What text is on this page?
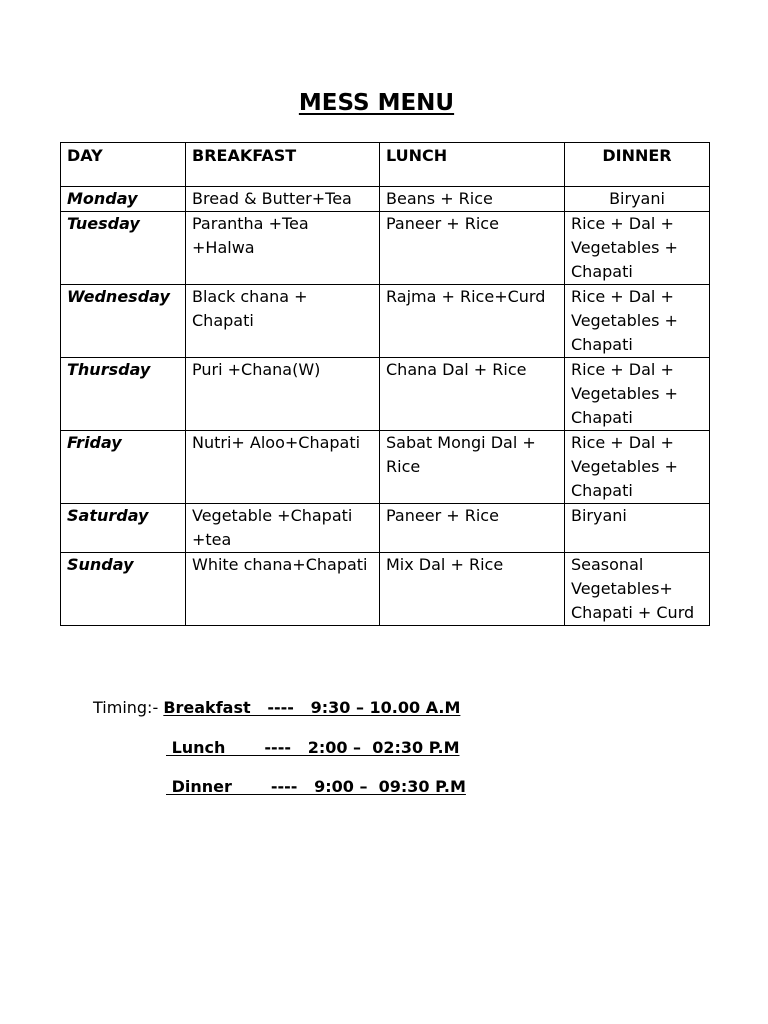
MESS MENU
DAY	BREAKFAST	LUNCH	DINNER
Monday	Bread & Butter+Tea	Beans + Rice	Biryani
Tuesday	Parantha +Tea +Halwa	Paneer + Rice	Rice + Dal + Vegetables + Chapati
Wednesday	Black chana + Chapati	Rajma + Rice+Curd	Rice + Dal + Vegetables + Chapati
Thursday	Puri +Chana(W)	Chana Dal + Rice	Rice + Dal + Vegetables + Chapati
Friday	Nutri+ Aloo+Chapati	Sabat Mongi Dal + Rice	Rice + Dal + Vegetables + Chapati
Saturday	Vegetable +Chapati +tea	Paneer + Rice	Biryani
Sunday	White chana+Chapati	Mix Dal + Rice	Seasonal Vegetables+ Chapati + Curd
Timing:- Breakfast   ----   9:30 – 10.00 A.M
Lunch       ----   2:00 –  02:30 P.M
Dinner       ----   9:00 –  09:30 P.M
